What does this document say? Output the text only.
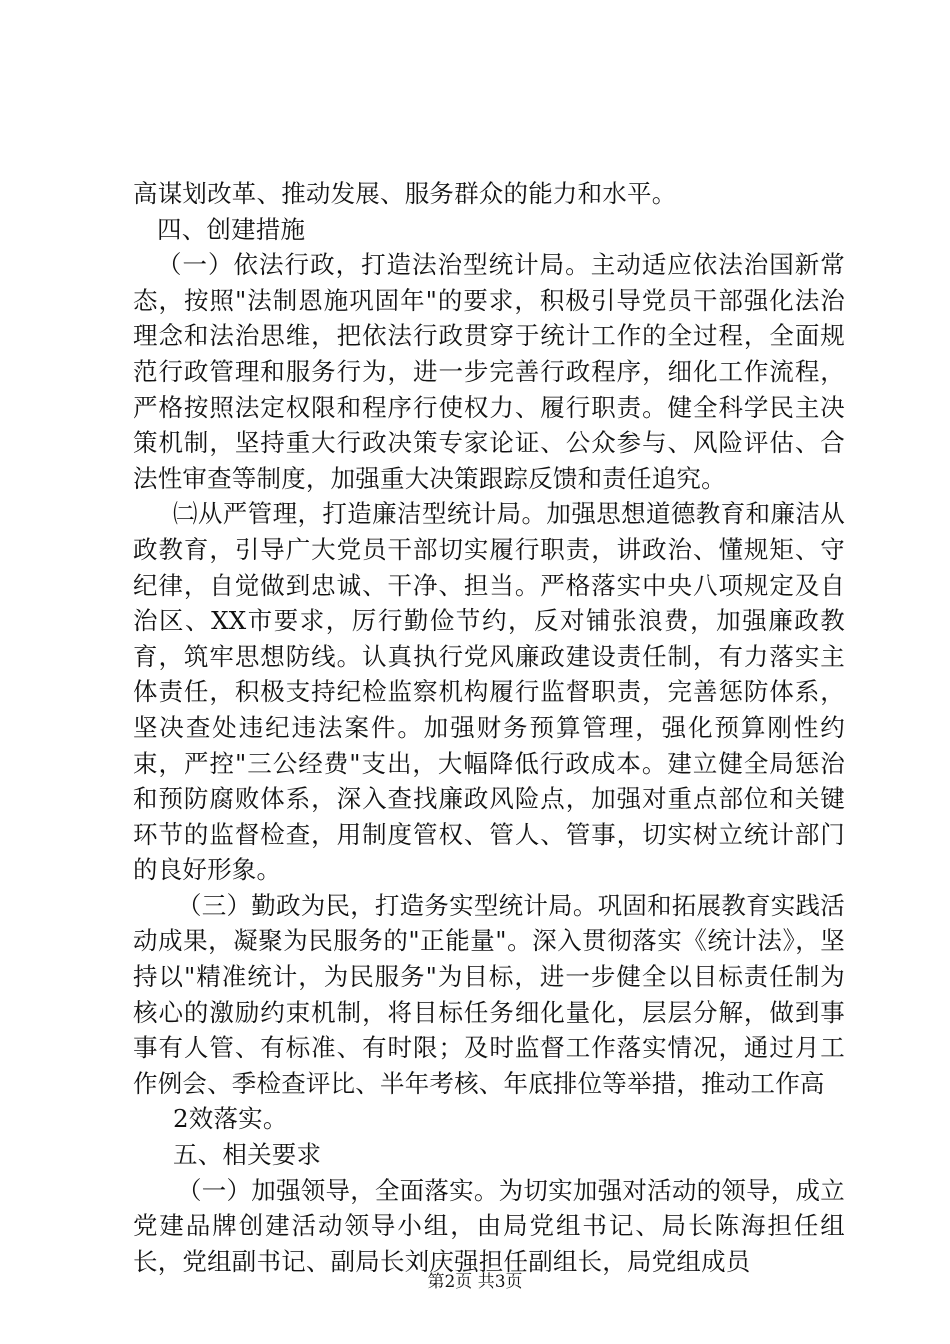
高谋划改革、推动发展、服务群众的能力和水平。

四、创建措施

（一）依法行政，打造法治型统计局。主动适应依法治国新常态，按照"法制恩施巩固年"的要求，积极引导党员干部强化法治理念和法治思维，把依法行政贯穿于统计工作的全过程，全面规范行政管理和服务行为，进一步完善行政程序，细化工作流程，严格按照法定权限和程序行使权力、履行职责。健全科学民主决策机制，坚持重大行政决策专家论证、公众参与、风险评估、合法性审查等制度，加强重大决策跟踪反馈和责任追究。

㈡从严管理，打造廉洁型统计局。加强思想道德教育和廉洁从政教育，引导广大党员干部切实履行职责，讲政治、懂规矩、守纪律，自觉做到忠诚、干净、担当。严格落实中央八项规定及自治区、XX市要求，厉行勤俭节约，反对铺张浪费，加强廉政教育，筑牢思想防线。认真执行党风廉政建设责任制，有力落实主体责任，积极支持纪检监察机构履行监督职责，完善惩防体系，坚决查处违纪违法案件。加强财务预算管理，强化预算刚性约束，严控"三公经费"支出，大幅降低行政成本。建立健全局惩治和预防腐败体系，深入查找廉政风险点，加强对重点部位和关键环节的监督检查，用制度管权、管人、管事，切实树立统计部门的良好形象。

（三）勤政为民，打造务实型统计局。巩固和拓展教育实践活动成果，凝聚为民服务的"正能量"。深入贯彻落实《统计法》，坚持以"精准统计，为民服务"为目标，进一步健全以目标责任制为核心的激励约束机制，将目标任务细化量化，层层分解，做到事事有人管、有标准、有时限；及时监督工作落实情况，通过月工作例会、季检查评比、半年考核、年底排位等举措，推动工作高

2效落实。

五、相关要求

（一）加强领导，全面落实。为切实加强对活动的领导，成立党建品牌创建活动领导小组，由局党组书记、局长陈海担任组长，党组副书记、副局长刘庆强担任副组长，局党组成员

第2页 共3页
